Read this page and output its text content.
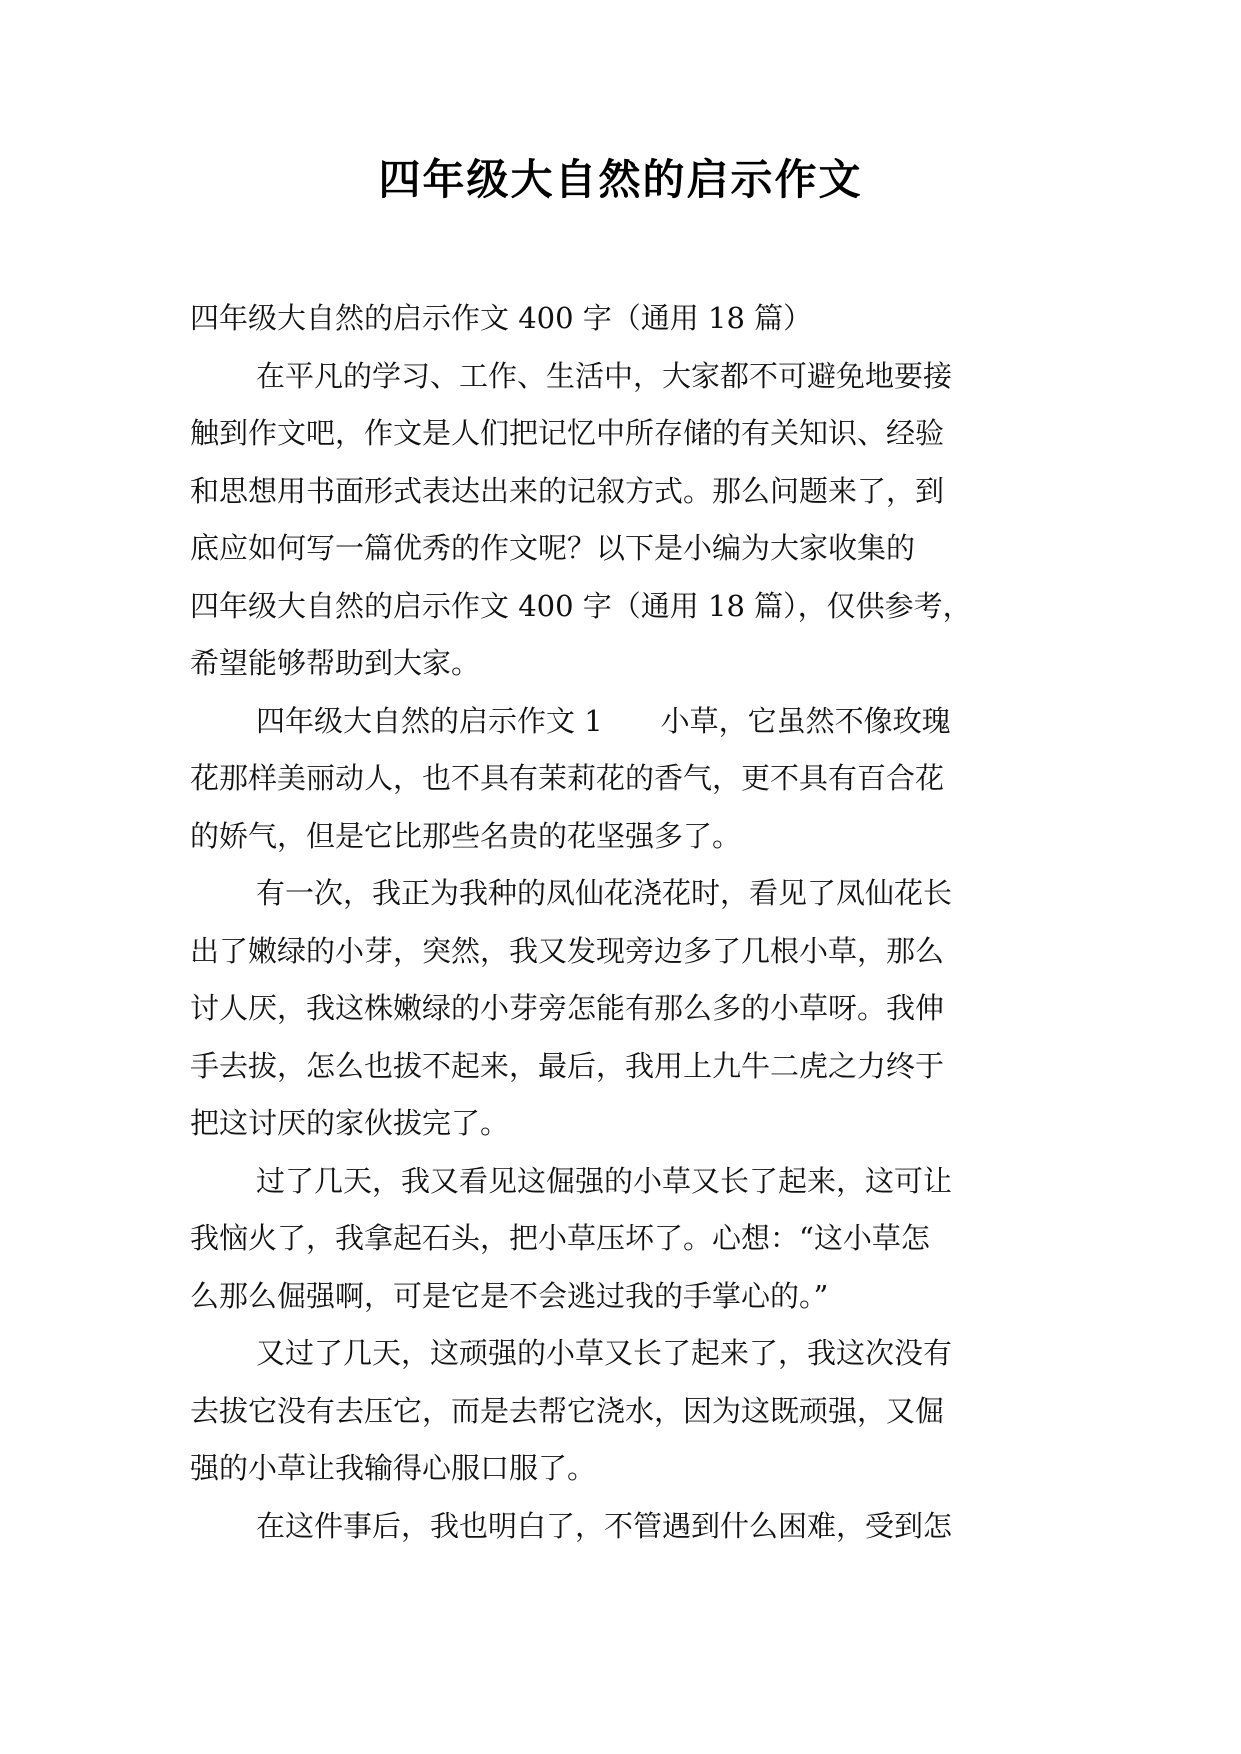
四年级大自然的启示作文
四年级大自然的启示作文 400 字（通用 18 篇）
在平凡的学习、工作、生活中，大家都不可避免地要接
触到作文吧，作文是人们把记忆中所存储的有关知识、经验
和思想用书面形式表达出来的记叙方式。那么问题来了，到
底应如何写一篇优秀的作文呢？以下是小编为大家收集的
四年级大自然的启示作文 400 字（通用 18 篇），仅供参考，
希望能够帮助到大家。
四年级大自然的启示作文 1　　小草，它虽然不像玫瑰
花那样美丽动人，也不具有茉莉花的香气，更不具有百合花
的娇气，但是它比那些名贵的花坚强多了。
有一次，我正为我种的凤仙花浇花时，看见了凤仙花长
出了嫩绿的小芽，突然，我又发现旁边多了几根小草，那么
讨人厌，我这株嫩绿的小芽旁怎能有那么多的小草呀。我伸
手去拔，怎么也拔不起来，最后，我用上九牛二虎之力终于
把这讨厌的家伙拔完了。
过了几天，我又看见这倔强的小草又长了起来，这可让
我恼火了，我拿起石头，把小草压坏了。心想：“这小草怎
么那么倔强啊，可是它是不会逃过我的手掌心的。”
又过了几天，这顽强的小草又长了起来了，我这次没有
去拔它没有去压它，而是去帮它浇水，因为这既顽强，又倔
强的小草让我输得心服口服了。
在这件事后，我也明白了，不管遇到什么困难，受到怎
